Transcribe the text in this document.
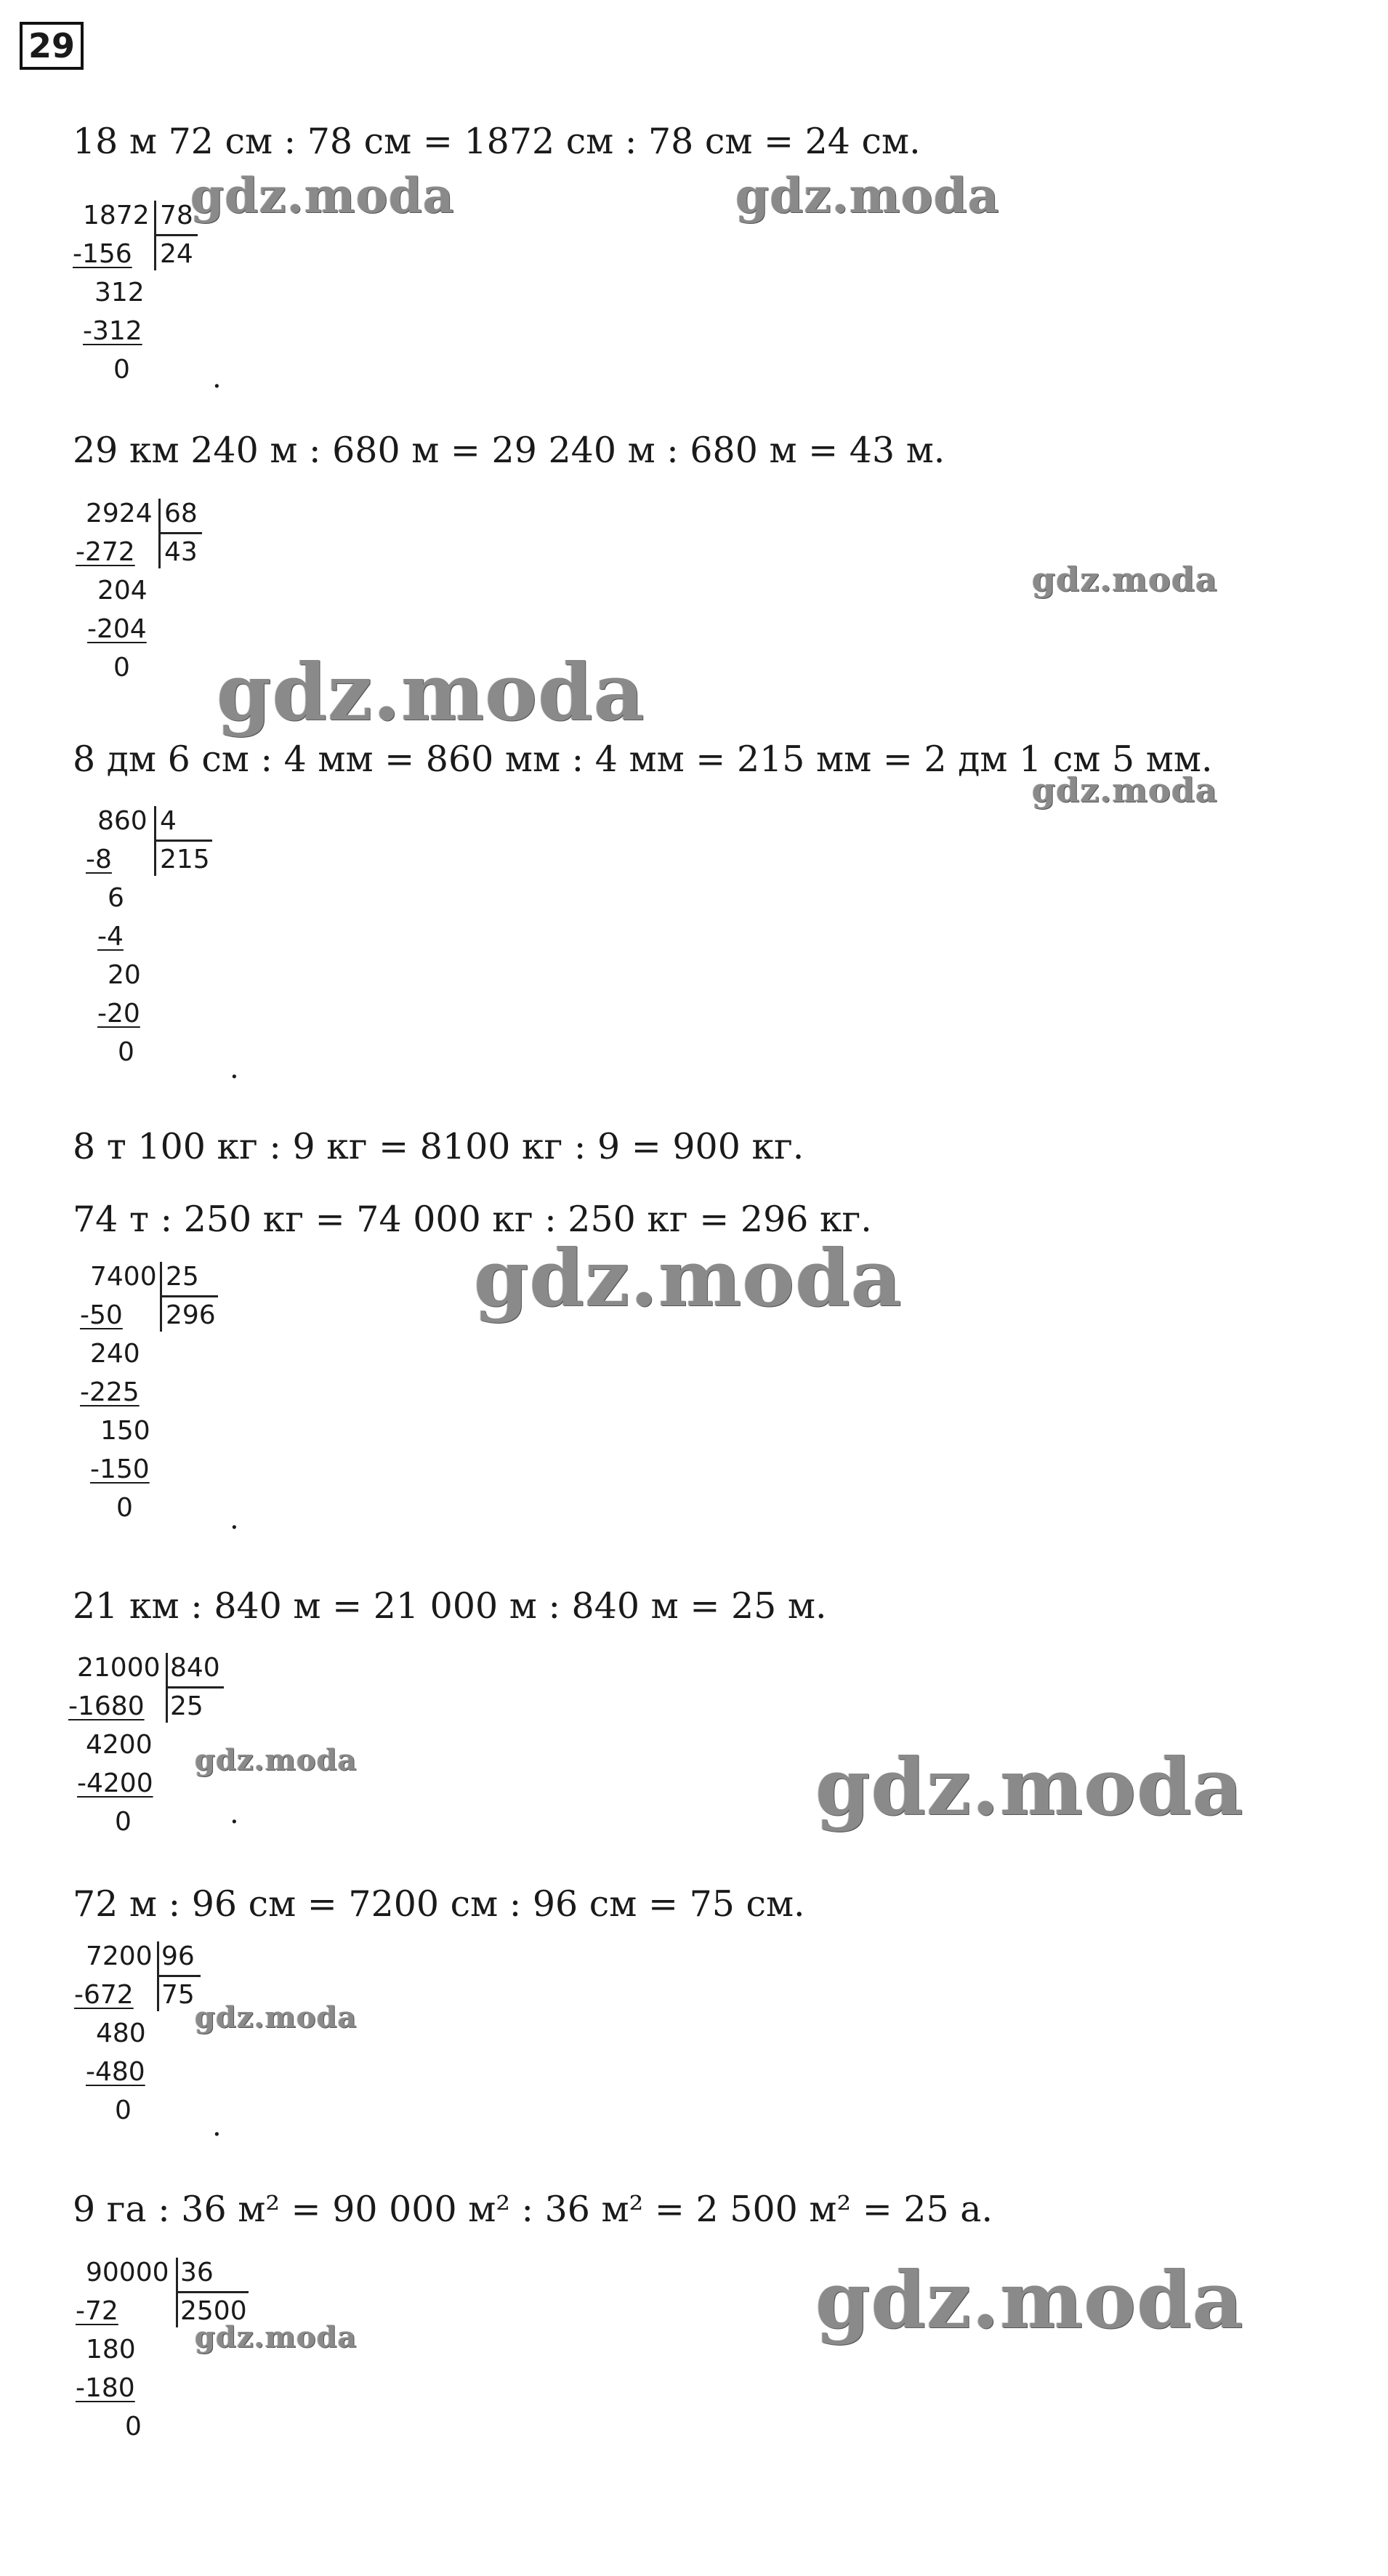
29
18 м 72 см : 78 см = 1872 см : 78 см = 24 см.
29 км 240 м : 680 м = 29 240 м : 680 м = 43 м.
8 дм 6 см : 4 мм = 860 мм : 4 мм = 215 мм = 2 дм 1 см 5 мм.
8 т 100 кг : 9 кг = 8100 кг : 9 = 900 кг.
74 т : 250 кг = 74 000 кг : 250 кг = 296 кг.
21 км : 840 м = 21 000 м : 840 м = 25 м.
72 м : 96 см = 7200 см : 96 см = 75 см.
9 га : 36 м² = 90 000 м² : 36 м² = 2 500 м² = 25 а.
1872 78
24
-156
312
-312
0	.
2924 68
43
-272
204
-204
0
860 4
215
-8
6
-4
20
-20
0	.
7400 25
296
-50
240
-225
150
-150
0	.
21000 840
25
-1680
4200
-4200
0	.
7200 96
75
-672
480
-480
0	.
90000 36
2500
-72
180
-180
0
gdz.moda	gdz.moda
gdz.moda
gdz.moda
gdz.moda
gdz.moda
gdz.moda	gdz.moda
gdz.moda
gdz.moda
gdz.moda
